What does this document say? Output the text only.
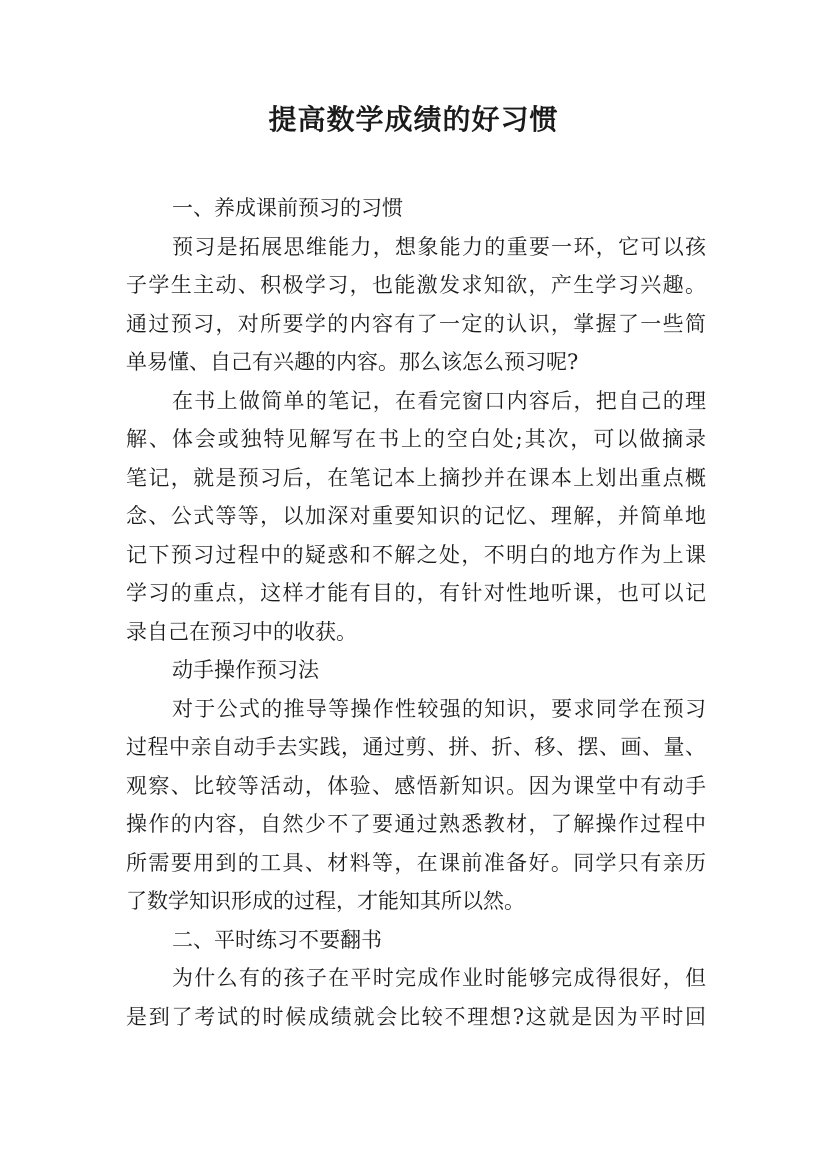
提高数学成绩的好习惯
一、养成课前预习的习惯
预习是拓展思维能力，想象能力的重要一环，它可以孩
子学生主动、积极学习，也能激发求知欲，产生学习兴趣。
通过预习，对所要学的内容有了一定的认识，掌握了一些简
单易懂、自己有兴趣的内容。那么该怎么预习呢?
在书上做简单的笔记，在看完窗口内容后，把自己的理
解、体会或独特见解写在书上的空白处;其次，可以做摘录
笔记，就是预习后，在笔记本上摘抄并在课本上划出重点概
念、公式等等，以加深对重要知识的记忆、理解，并简单地
记下预习过程中的疑惑和不解之处，不明白的地方作为上课
学习的重点，这样才能有目的，有针对性地听课，也可以记
录自己在预习中的收获。
动手操作预习法
对于公式的推导等操作性较强的知识，要求同学在预习
过程中亲自动手去实践，通过剪、拼、折、移、摆、画、量、
观察、比较等活动，体验、感悟新知识。因为课堂中有动手
操作的内容，自然少不了要通过熟悉教材，了解操作过程中
所需要用到的工具、材料等，在课前准备好。同学只有亲历
了数学知识形成的过程，才能知其所以然。
二、平时练习不要翻书
为什么有的孩子在平时完成作业时能够完成得很好，但
是到了考试的时候成绩就会比较不理想?这就是因为平时回
